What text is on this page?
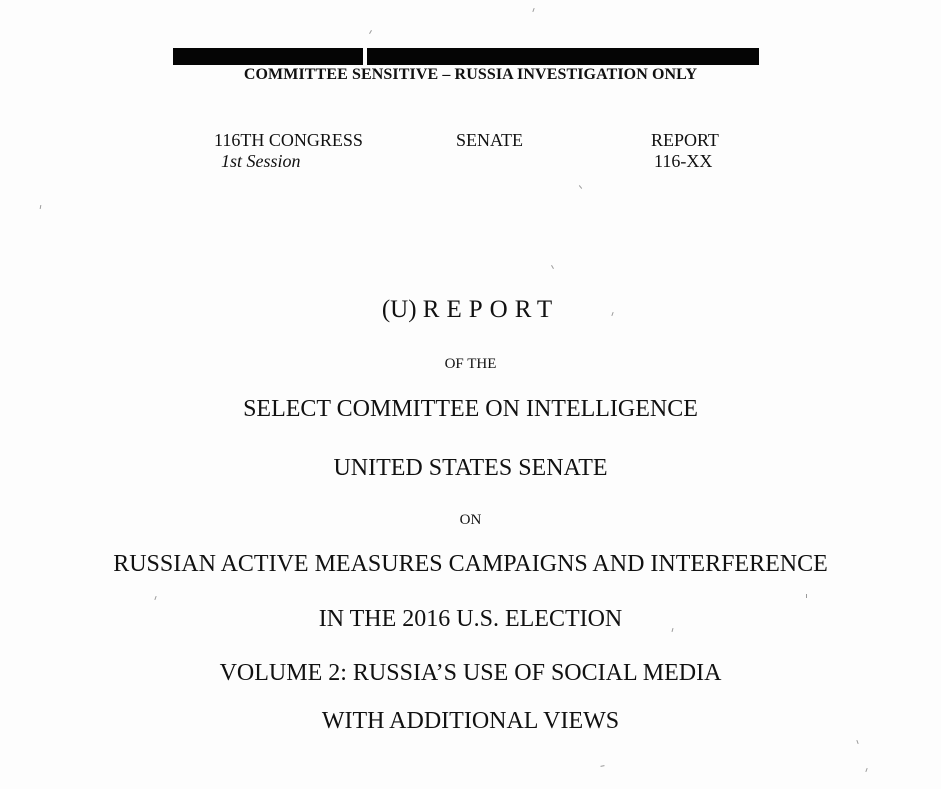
COMMITTEE SENSITIVE – RUSSIA INVESTIGATION ONLY
116TH CONGRESS
1st Session
SENATE	REPORT
116-XX
(U) REPORT
OF THE
SELECT COMMITTEE ON INTELLIGENCE
UNITED STATES SENATE
ON
RUSSIAN ACTIVE MEASURES CAMPAIGNS AND INTERFERENCE
IN THE 2016 U.S. ELECTION
VOLUME 2: RUSSIA’S USE OF SOCIAL MEDIA
WITH ADDITIONAL VIEWS
